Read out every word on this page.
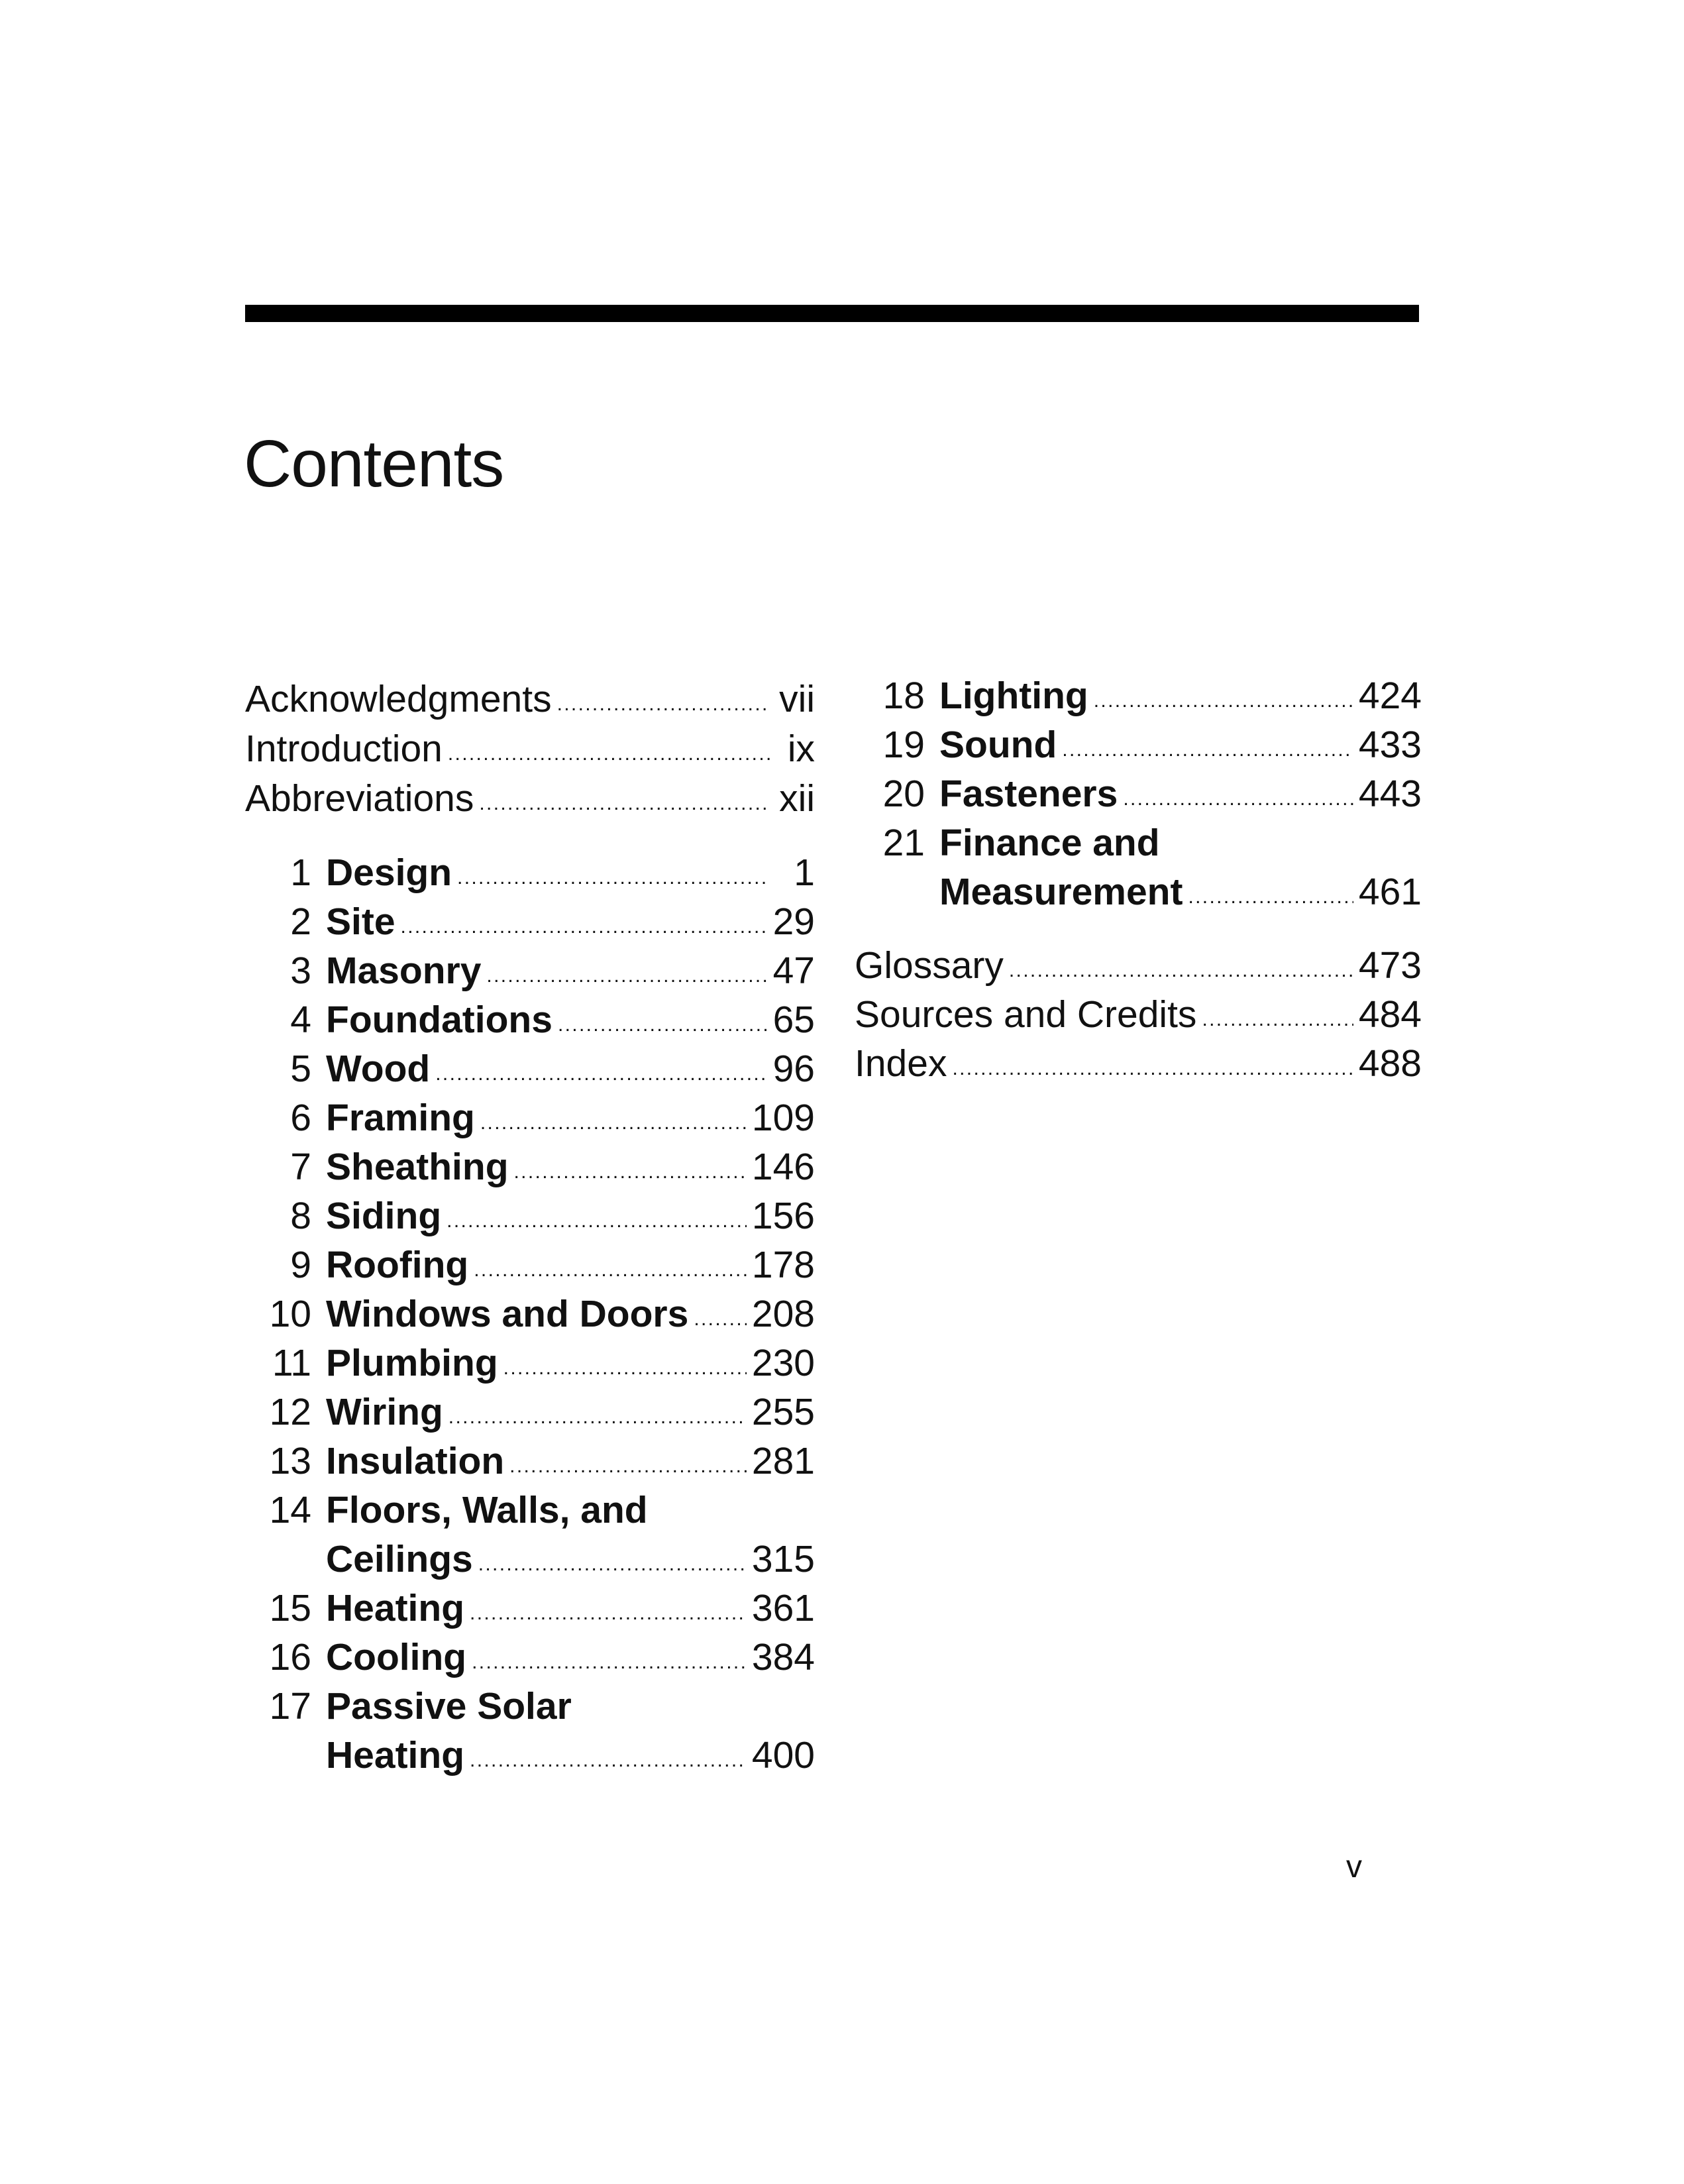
Contents
Acknowledgments . . .	vii
Introduction . . .	ix
Abbreviations . . .	xii
1 Design . . .	1
2 Site . . .	29
3 Masonry . . .	47
4 Foundations . . .	65
5 Wood . . .	96
6 Framing . . .	109
7 Sheathing . . .	146
8 Siding . . .	156
9 Roofing . . .	178
10 Windows and Doors . . . 208
11 Plumbing . . .	230
12 Wiring . . .	255
13 Insulation . . .	281
14 Floors, Walls, and
Ceilings . . .	315
15 Heating . . .	361
16 Cooling . . .	384
17 Passive Solar
Heating . . .	400
18 Lighting . . .	424
19 Sound . . .	433
20 Fasteners . . .	443
21 Finance and
Measurement . . .	461
Glossary . . .	473
Sources and Credits . . .	484
Index . . .	488
v
